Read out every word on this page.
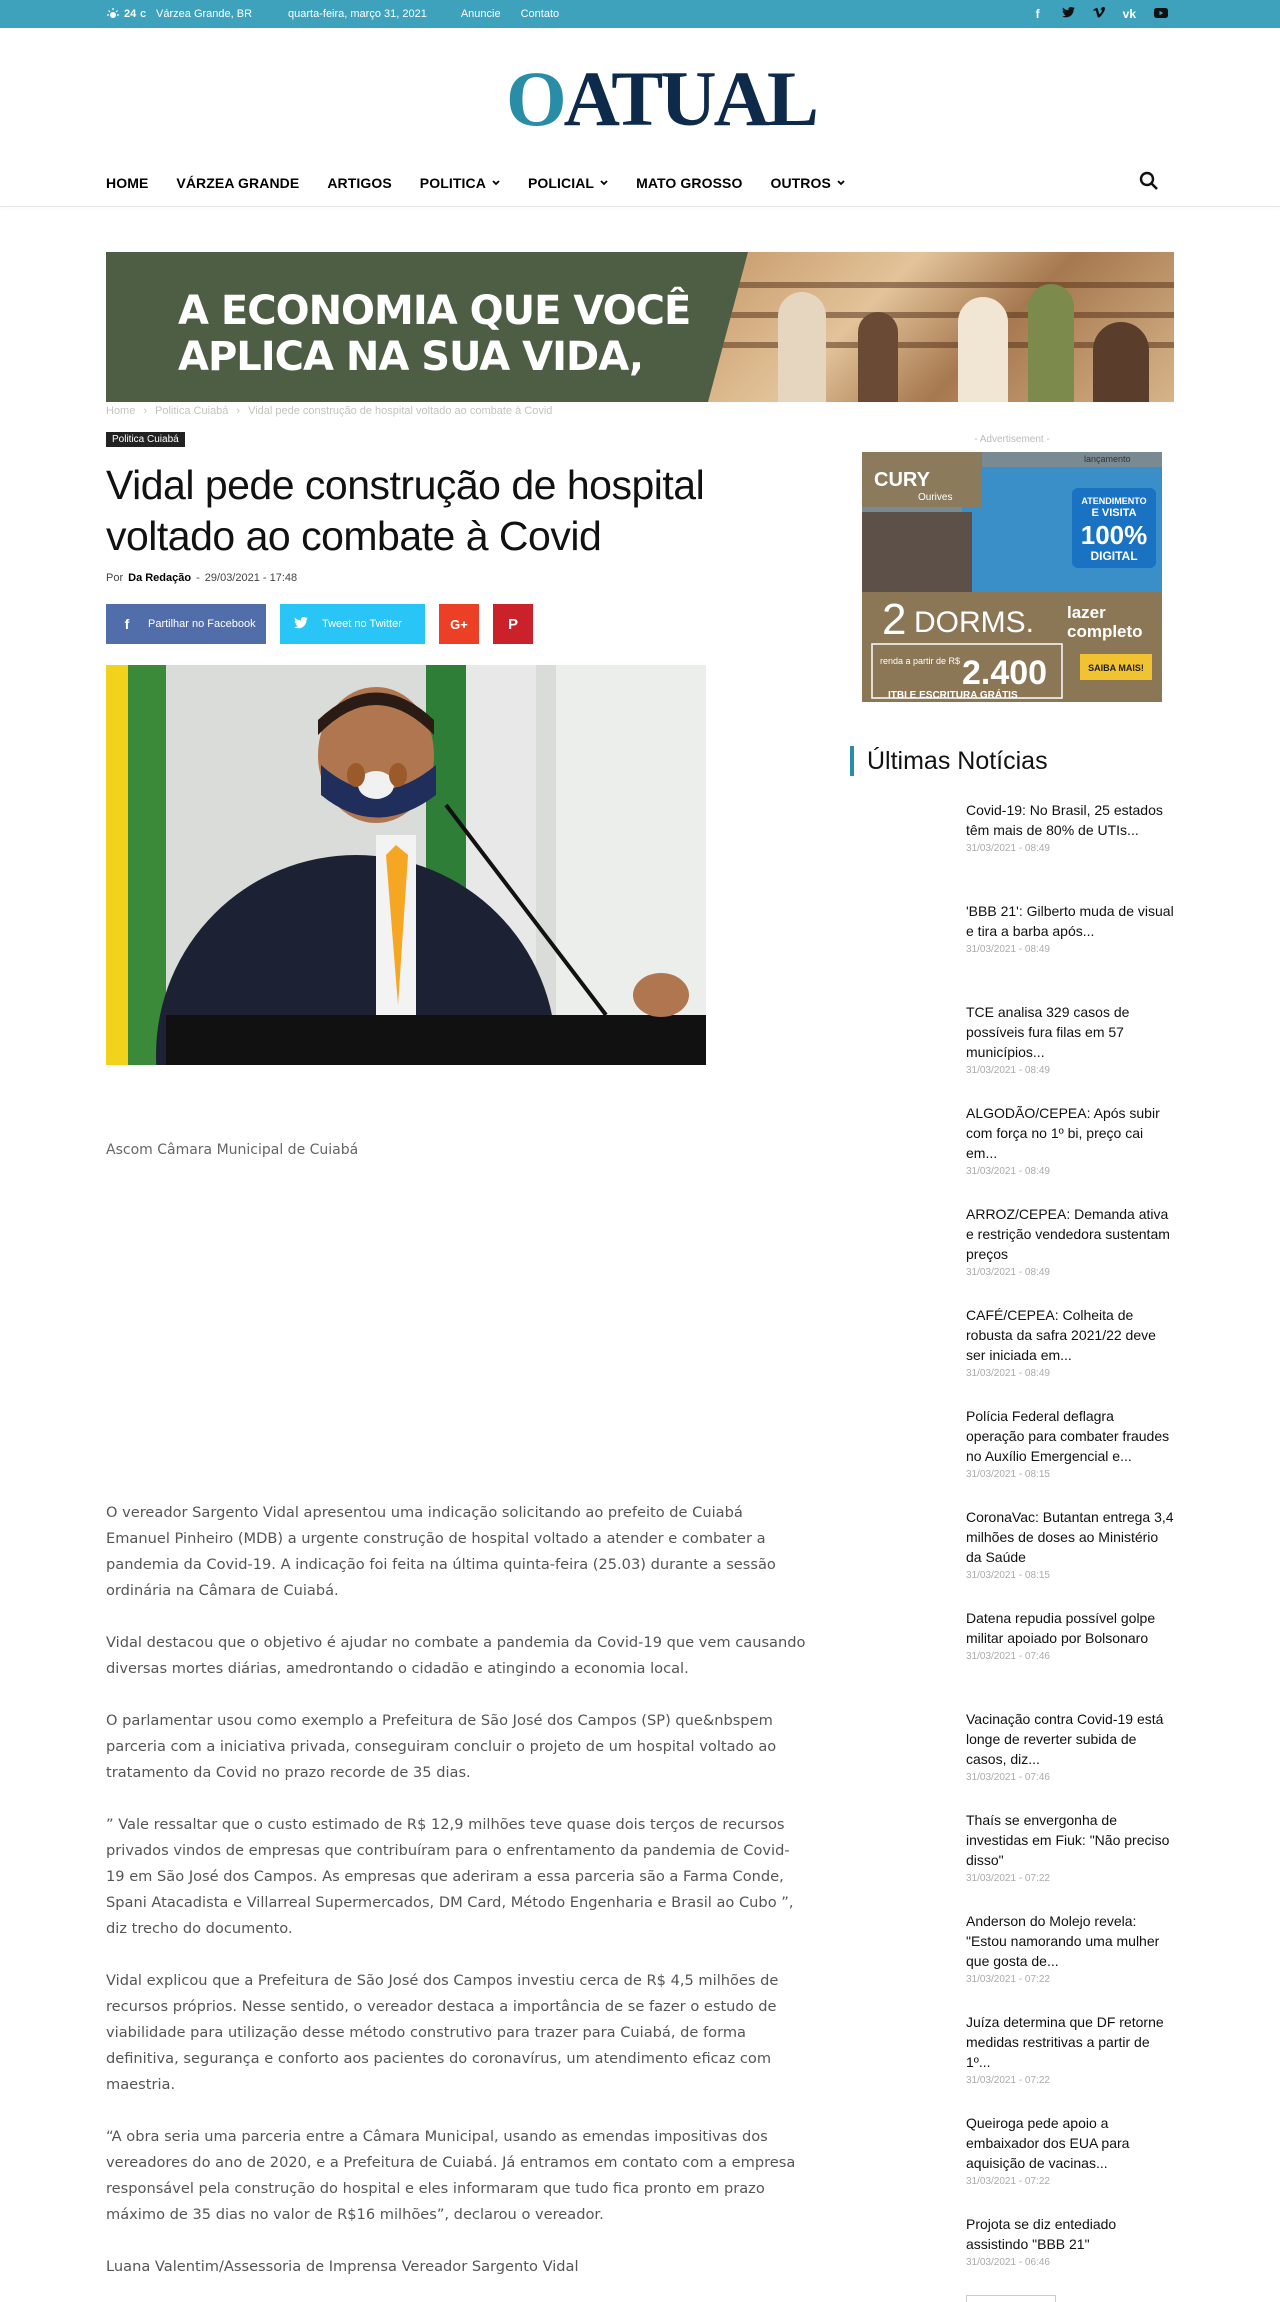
24 C Várzea Grande, BR	quarta-feira, março 31, 2021	Anuncie Contato	f	vk
OATUAL
HOME VÁRZEA GRANDE ARTIGOS POLITICA	POLICIAL	MATO GROSSO OUTROS
A ECONOMIA QUE VOCÊ
APLICA NA SUA VIDA,
Home › Politica Cuiabá › Vidal pede construção de hospital voltado ao combate à Covid
Politica Cuiabá
Vidal pede construção de hospital voltado ao combate à Covid
Por Da Redação - 29/03/2021 - 17:48
f	Partilhar no Facebook	Tweet no Twitter	G+	P
Ascom Câmara Municipal de Cuiabá

O vereador Sargento Vidal apresentou uma indicação solicitando ao prefeito de Cuiabá Emanuel Pinheiro (MDB) a urgente construção de hospital voltado a atender e combater a pandemia da Covid-19. A indicação foi feita na última quinta-feira (25.03) durante a sessão ordinária na Câmara de Cuiabá.

Vidal destacou que o objetivo é ajudar no combate a pandemia da Covid-19 que vem causando diversas mortes diárias, amedrontando o cidadão e atingindo a economia local.

O parlamentar usou como exemplo a Prefeitura de São José dos Campos (SP) que&nbspem parceria com a iniciativa privada, conseguiram concluir o projeto de um hospital voltado ao tratamento da Covid no prazo recorde de 35 dias.

” Vale ressaltar que o custo estimado de R$ 12,9 milhões teve quase dois terços de recursos privados vindos de empresas que contribuíram para o enfrentamento da pandemia de Covid-19 em São José dos Campos. As empresas que aderiram a essa parceria são a Farma Conde, Spani Atacadista e Villarreal Supermercados, DM Card, Método Engenharia e Brasil ao Cubo ”, diz trecho do documento.

Vidal explicou que a Prefeitura de São José dos Campos investiu cerca de R$ 4,5 milhões de recursos próprios. Nesse sentido, o vereador destaca a importância de se fazer o estudo de viabilidade para utilização desse método construtivo para trazer para Cuiabá, de forma definitiva, segurança e conforto aos pacientes do coronavírus, um atendimento eficaz com maestria.

“A obra seria uma parceria entre a Câmara Municipal, usando as emendas impositivas dos vereadores do ano de 2020, e a Prefeitura de Cuiabá. Já entramos em contato com a empresa responsável pela construção do hospital e eles informaram que tudo fica pronto em prazo máximo de 35 dias no valor de R$16 milhões”, declarou o vereador.

Luana Valentim/Assessoria de Imprensa Vereador Sargento Vidal

- Advertisement -
CURY
Ourives
lançamento
ATENDIMENTO
E VISITA
100%
DIGITAL
2 DORMS. lazer
completo
renda a partir de R$ 2.400
ITBI E ESCRITURA GRÁTIS
SAIBA MAIS!
Últimas Notícias
Covid-19: No Brasil, 25 estados têm mais de 80% de UTIs...
31/03/2021 - 08:49
'BBB 21': Gilberto muda de visual e tira a barba após...
31/03/2021 - 08:49
TCE analisa 329 casos de possíveis fura filas em 57 municípios...
31/03/2021 - 08:49
ALGODÃO/CEPEA: Após subir com força no 1º bi, preço cai em...
31/03/2021 - 08:49
ARROZ/CEPEA: Demanda ativa e restrição vendedora sustentam preços
31/03/2021 - 08:49
CAFÉ/CEPEA: Colheita de robusta da safra 2021/22 deve ser iniciada em...
31/03/2021 - 08:49
Polícia Federal deflagra operação para combater fraudes no Auxílio Emergencial e...
31/03/2021 - 08:15
CoronaVac: Butantan entrega 3,4 milhões de doses ao Ministério da Saúde
31/03/2021 - 08:15
Datena repudia possível golpe militar apoiado por Bolsonaro
31/03/2021 - 07:46
Vacinação contra Covid-19 está longe de reverter subida de casos, diz...
31/03/2021 - 07:46
Thaís se envergonha de investidas em Fiuk: "Não preciso disso"
31/03/2021 - 07:22
Anderson do Molejo revela: "Estou namorando uma mulher que gosta de...
31/03/2021 - 07:22
Juíza determina que DF retorne medidas restritivas a partir de 1º...
31/03/2021 - 07:22
Queiroga pede apoio a embaixador dos EUA para aquisição de vacinas...
31/03/2021 - 07:22
Projota se diz entediado assistindo "BBB 21"
31/03/2021 - 06:46
